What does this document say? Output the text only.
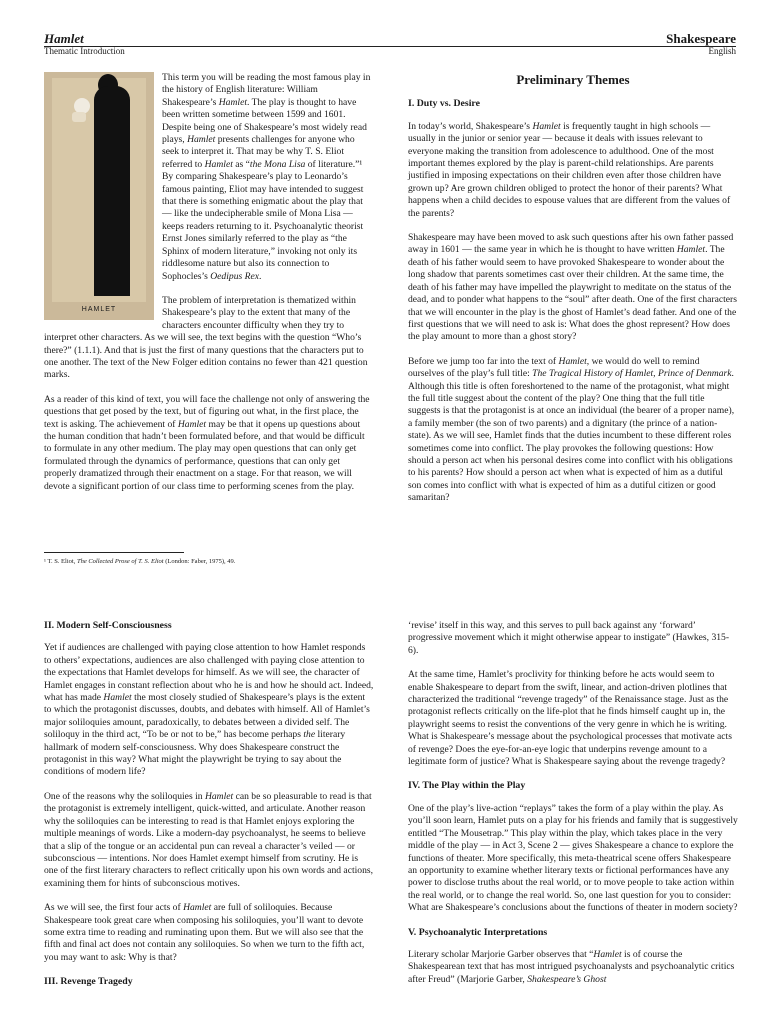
Hamlet
Thematic Introduction
Shakespeare
English
HAMLET

This term you will be reading the most famous play in the history of English literature: William Shakespeare’s Hamlet. The play is thought to have been written sometime between 1599 and 1601. Despite being one of Shakespeare’s most widely read plays, Hamlet presents challenges for anyone who seek to interpret it. That may be why T. S. Eliot referred to Hamlet as “the Mona Lisa of literature.”¹ By comparing Shakespeare’s play to Leonardo’s famous painting, Eliot may have intended to suggest that there is something enigmatic about the play that — like the undecipherable smile of Mona Lisa — keeps readers returning to it. Psychoanalytic theorist Ernst Jones similarly referred to the play as “the Sphinx of modern literature,” invoking not only its riddlesome nature but also its connection to Sophocles’s Oedipus Rex.

The problem of interpretation is thematized within Shakespeare’s play to the extent that many of the characters encounter difficulty when they try to interpret other characters. As we will see, the text begins with the question “Who’s there?” (1.1.1). And that is just the first of many questions that the characters put to one another. The text of the New Folger edition contains no fewer than 421 question marks.

As a reader of this kind of text, you will face the challenge not only of answering the questions that get posed by the text, but of figuring out what, in the first place, the text is asking. The achievement of Hamlet may be that it opens up questions about the human condition that hadn’t been formulated before, and that would be difficult to formulate in any other medium. The play may open questions that can only get formulated through the dynamics of performance, questions that can only get properly dramatized through their enactment on a stage. For that reason, we will devote a significant portion of our class time to performing scenes from the play.

¹ T. S. Eliot, The Collected Prose of T. S. Eliot (London: Faber, 1975), 49.
Preliminary Themes
I. Duty vs. Desire

In today’s world, Shakespeare’s Hamlet is frequently taught in high schools — usually in the junior or senior year — because it deals with issues relevant to everyone making the transition from adolescence to adulthood. One of the most important themes explored by the play is parent-child relationships. Are parents justified in imposing expectations on their children even after those children have grown up? Are grown children obliged to protect the honor of their parents? What happens when a child decides to espouse values that are different from the values of the parents?

Shakespeare may have been moved to ask such questions after his own father passed away in 1601 — the same year in which he is thought to have written Hamlet. The death of his father would seem to have provoked Shakespeare to wonder about the long shadow that parents sometimes cast over their children. At the same time, the death of his father may have impelled the playwright to meditate on the status of the dead, and to ponder what happens to the “soul” after death. One of the first characters that we will encounter in the play is the ghost of Hamlet’s dead father. And one of the first questions that we will need to ask is: What does the ghost represent? How does the play amount to more than a ghost story?

Before we jump too far into the text of Hamlet, we would do well to remind ourselves of the play’s full title: The Tragical History of Hamlet, Prince of Denmark. Although this title is often foreshortened to the name of the protagonist, what might the full title suggest about the content of the play? One thing that the full title suggests is that the protagonist is at once an individual (the bearer of a proper name), a family member (the son of two parents) and a dignitary (the prince of a nation-state). As we will see, Hamlet finds that the duties incumbent to these different roles sometimes come into conflict. The play provokes the following questions: How should a person act when his personal desires come into conflict with his obligations to his parents? How should a person act when what is expected of him as a dutiful son comes into conflict with what is expected of him as a dutiful citizen or good samaritan?

II. Modern Self-Consciousness

Yet if audiences are challenged with paying close attention to how Hamlet responds to others’ expectations, audiences are also challenged with paying close attention to the expectations that Hamlet develops for himself. As we will see, the character of Hamlet engages in constant reflection about who he is and how he should act. Indeed, what has made Hamlet the most closely studied of Shakespeare’s plays is the extent to which the protagonist discusses, doubts, and debates with himself. All of Hamlet’s major soliloquies amount, paradoxically, to debates between a divided self. The soliloquy in the third act, “To be or not to be,” has become perhaps the literary hallmark of modern self-consciousness. Why does Shakespeare construct the protagonist in this way? What might the playwright be trying to say about the conditions of modern life?

One of the reasons why the soliloquies in Hamlet can be so pleasurable to read is that the protagonist is extremely intelligent, quick-witted, and articulate. Another reason why the soliloquies can be interesting to read is that Hamlet enjoys exploring the multiple meanings of words. Like a modern-day psychoanalyst, he seems to believe that a slip of the tongue or an accidental pun can reveal a character’s veiled — or subconscious — intentions. Nor does Hamlet exempt himself from scrutiny. He is one of the first literary characters to reflect critically upon his own words and actions, examining them for hints of subconscious motives.

As we will see, the first four acts of Hamlet are full of soliloquies. Because Shakespeare took great care when composing his soliloquies, you’ll want to devote some extra time to reading and ruminating upon them. But we will also see that the fifth and final act does not contain any soliloquies. So when we turn to the fifth act, you may want to ask: Why is that?

III. Revenge Tragedy

‘revise’ itself in this way, and this serves to pull back against any ‘forward’ progressive movement which it might otherwise appear to instigate” (Hawkes, 315-6).

At the same time, Hamlet’s proclivity for thinking before he acts would seem to enable Shakespeare to depart from the swift, linear, and action-driven plotlines that characterized the traditional “revenge tragedy” of the Renaissance stage. Just as the protagonist reflects critically on the life-plot that he finds himself caught up in, the playwright seems to resist the conventions of the very genre in which he is writing. What is Shakespeare’s message about the psychological processes that motivate acts of revenge? Does the eye-for-an-eye logic that underpins revenge amount to a legitimate form of justice? What is Shakespeare saying about the revenge tragedy?

IV. The Play within the Play

One of the play’s live-action “replays” takes the form of a play within the play. As you’ll soon learn, Hamlet puts on a play for his friends and family that is suggestively entitled “The Mousetrap.” This play within the play, which takes place in the very middle of the play — in Act 3, Scene 2 — gives Shakespeare a chance to explore the functions of theater. More specifically, this meta-theatrical scene offers Shakespeare an opportunity to examine whether literary texts or fictional performances have any power to disclose truths about the real world, or to move people to take action within the real world, or to change the real world. So, one last question for you to consider: What are Shakespeare’s conclusions about the functions of theater in modern society?

V. Psychoanalytic Interpretations

Literary scholar Marjorie Garber observes that “Hamlet is of course the Shakespearean text that has most intrigued psychoanalysts and psychoanalytic critics after Freud” (Marjorie Garber, Shakespeare’s Ghost
